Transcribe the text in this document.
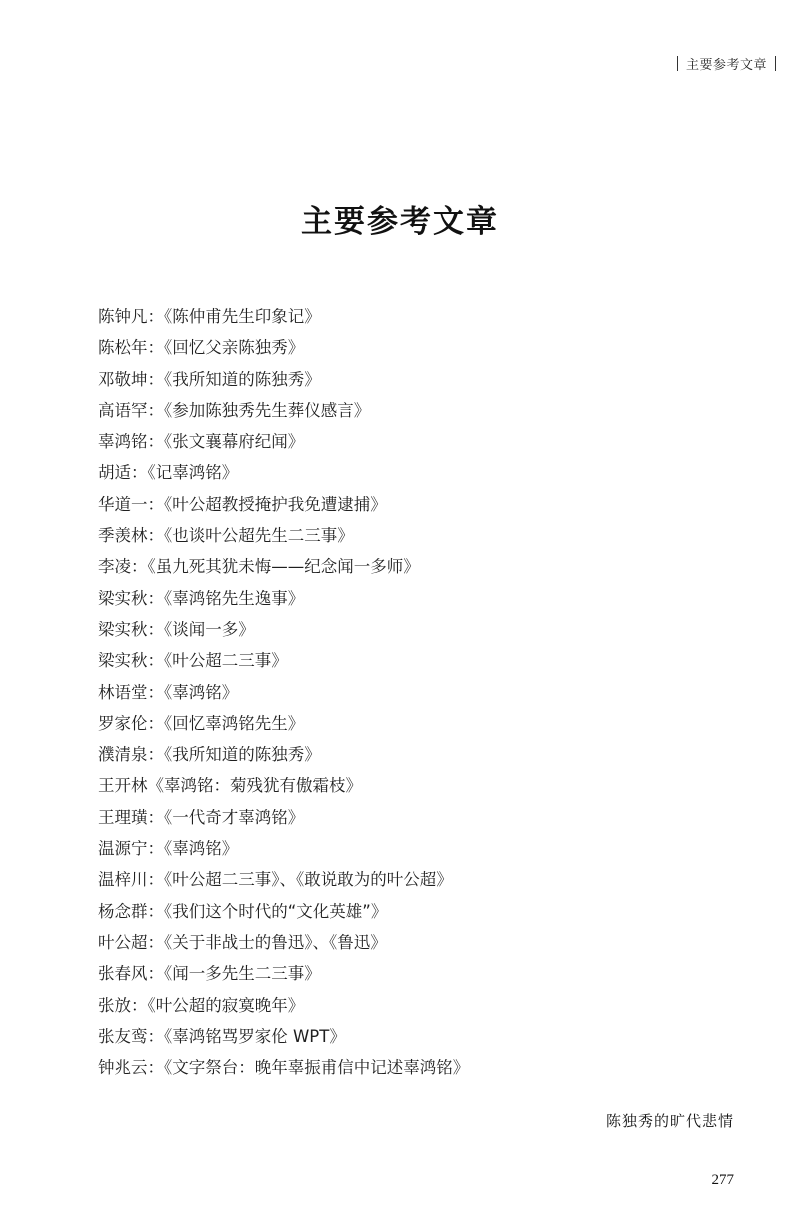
主要参考文章
主要参考文章
陈钟凡：《陈仲甫先生印象记》
陈松年：《回忆父亲陈独秀》
邓敬坤：《我所知道的陈独秀》
高语罕：《参加陈独秀先生葬仪感言》
辜鸿铭：《张文襄幕府纪闻》
胡适：《记辜鸿铭》
华道一：《叶公超教授掩护我免遭逮捕》
季羡林：《也谈叶公超先生二三事》
李凌：《虽九死其犹未悔——纪念闻一多师》
梁实秋：《辜鸿铭先生逸事》
梁实秋：《谈闻一多》
梁实秋：《叶公超二三事》
林语堂：《辜鸿铭》
罗家伦：《回忆辜鸿铭先生》
濮清泉：《我所知道的陈独秀》
王开林《辜鸿铭：菊残犹有傲霜枝》
王理璜：《一代奇才辜鸿铭》
温源宁：《辜鸿铭》
温梓川：《叶公超二三事》、《敢说敢为的叶公超》
杨念群：《我们这个时代的“文化英雄”》
叶公超：《关于非战士的鲁迅》、《鲁迅》
张春风：《闻一多先生二三事》
张放：《叶公超的寂寞晚年》
张友鸾：《辜鸿铭骂罗家伦 WPT》
钟兆云：《文字祭台：晚年辜振甫信中记述辜鸿铭》

陈独秀的旷代悲情

277
